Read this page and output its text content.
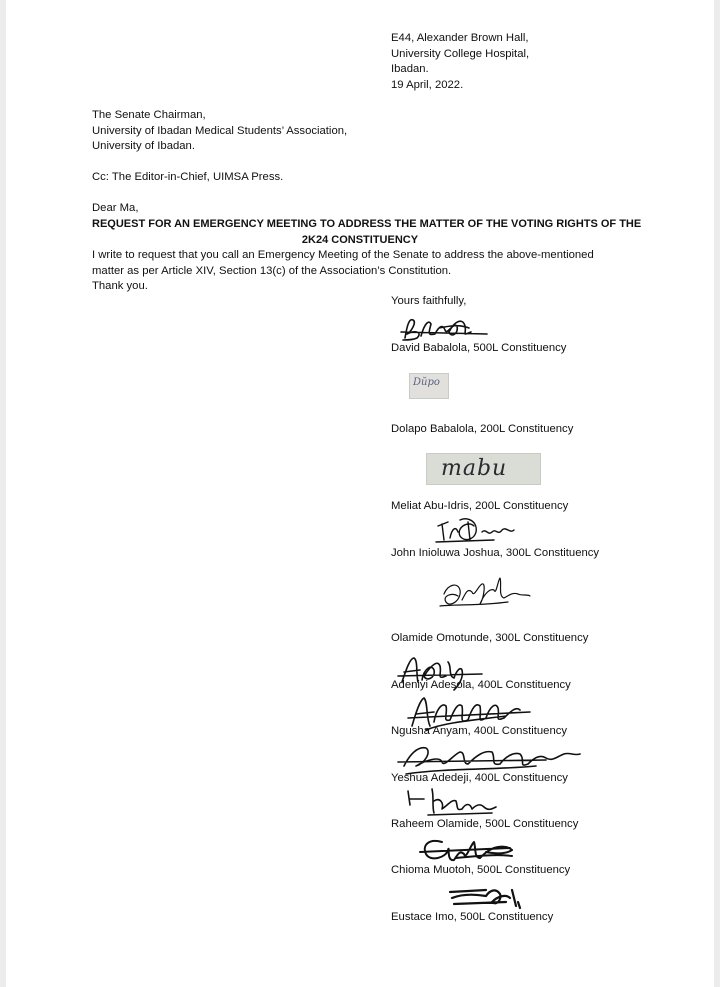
E44, Alexander Brown Hall,
University College Hospital,
Ibadan.
19 April, 2022.
The Senate Chairman,
University of Ibadan Medical Students’ Association,
University of Ibadan.
Cc: The Editor-in-Chief, UIMSA Press.
Dear Ma,
REQUEST FOR AN EMERGENCY MEETING TO ADDRESS THE MATTER OF THE VOTING RIGHTS OF THE
2K24 CONSTITUENCY
I write to request that you call an Emergency Meeting of the Senate to address the above-mentioned
matter as per Article XIV, Section 13(c) of the Association’s Constitution.
Thank you.
Yours faithfully,
David Babalola, 500L Constituency
Dŭpo
Dolapo Babalola, 200L Constituency
mabu
Meliat Abu-Idris, 200L Constituency
John Inioluwa Joshua, 300L Constituency
Olamide Omotunde, 300L Constituency
Adeniyi Adesola, 400L Constituency
Ngusha Anyam, 400L Constituency
Yeshua Adedeji, 400L Constituency
Raheem Olamide, 500L Constituency
Chioma Muotoh, 500L Constituency
Eustace Imo, 500L Constituency
